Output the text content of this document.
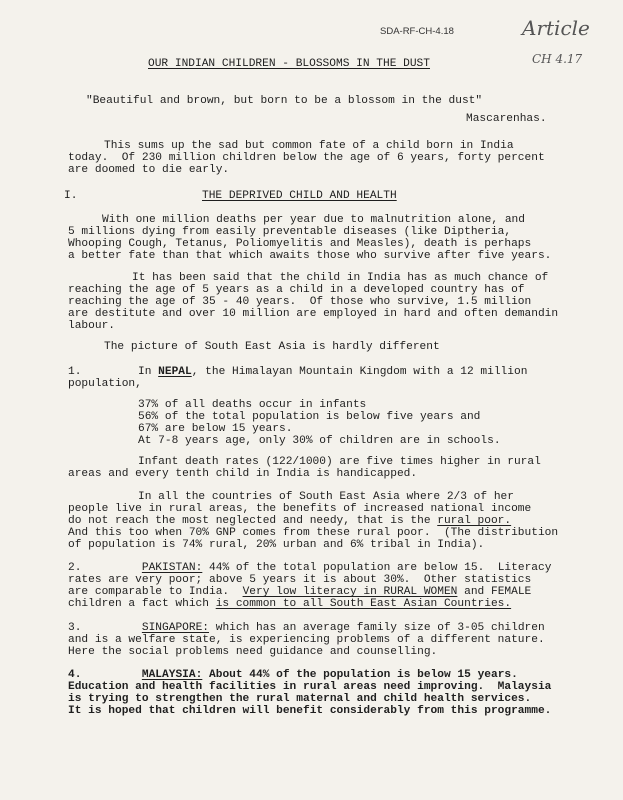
SDA-RF-CH-4.18	Article
CH 4.17
OUR INDIAN CHILDREN - BLOSSOMS IN THE DUST
"Beautiful and brown, but born to be a blossom in the dust"
Mascarenhas.
This sums up the sad but common fate of a child born in India
today.  Of 230 million children below the age of 6 years, forty percent
are doomed to die early.
I.	THE DEPRIVED CHILD AND HEALTH
With one million deaths per year due to malnutrition alone, and
5 millions dying from easily preventable diseases (like Diptheria,
Whooping Cough, Tetanus, Poliomyelitis and Measles), death is perhaps
a better fate than that which awaits those who survive after five years.
It has been said that the child in India has as much chance of
reaching the age of 5 years as a child in a developed country has of
reaching the age of 35 - 40 years.  Of those who survive, 1.5 million
are destitute and over 10 million are employed in hard and often demandin
labour.
The picture of South East Asia is hardly different
1.	In NEPAL, the Himalayan Mountain Kingdom with a 12 million
population,
37% of all deaths occur in infants
56% of the total population is below five years and
67% are below 15 years.
At 7-8 years age, only 30% of children are in schools.
Infant death rates (122/1000) are five times higher in rural
areas and every tenth child in India is handicapped.
In all the countries of South East Asia where 2/3 of her
people live in rural areas, the benefits of increased national income
do not reach the most neglected and needy, that is the rural poor.
And this too when 70% GNP comes from these rural poor.  (The distribution
of population is 74% rural, 20% urban and 6% tribal in India).
2.	PAKISTAN: 44% of the total population are below 15.  Literacy
rates are very poor; above 5 years it is about 30%.  Other statistics
are comparable to India.  Very low literacy in RURAL WOMEN and FEMALE
children a fact which is common to all South East Asian Countries.
3.	SINGAPORE: which has an average family size of 3-05 children
and is a welfare state, is experiencing problems of a different nature.
Here the social problems need guidance and counselling.
4.	MALAYSIA: About 44% of the population is below 15 years.
Education and health facilities in rural areas need improving.  Malaysia
is trying to strengthen the rural maternal and child health services.
It is hoped that children will benefit considerably from this programme.
